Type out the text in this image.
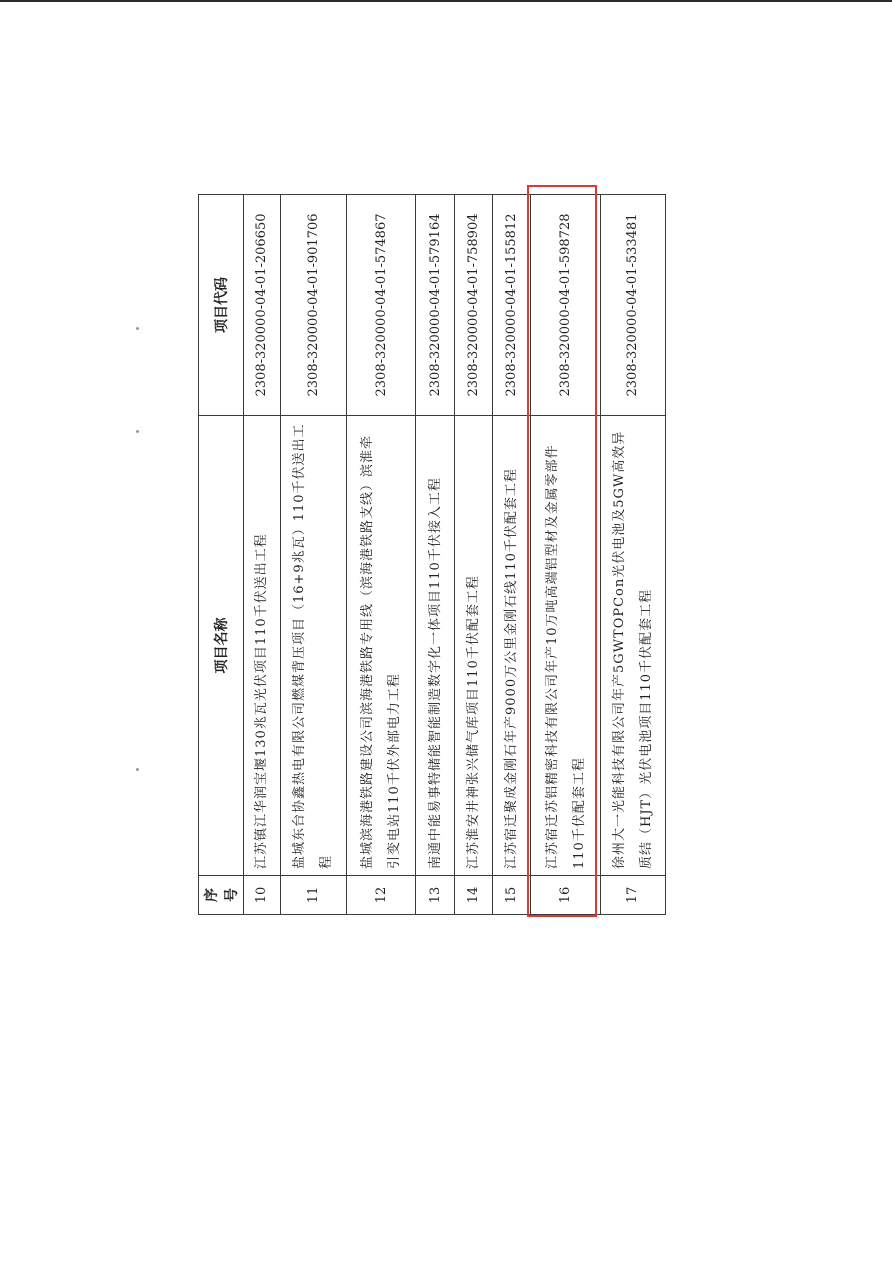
序号	项目名称	项目代码
10	江苏镇江华润宝堰130兆瓦光伏项目110千伏送出工程	2308-320000-04-01-206650
11	盐城东台协鑫热电有限公司燃煤背压项目（16+9兆瓦）110千伏送出工程	2308-320000-04-01-901706
12	盐城滨海港铁路建设公司滨海港铁路专用线（滨海港铁路支线）滨淮牵引变电站110千伏外部电力工程	2308-320000-04-01-574867
13	南通中能易事特储能智能制造数字化一体项目110千伏接入工程	2308-320000-04-01-579164
14	江苏淮安井神张兴储气库项目110千伏配套工程	2308-320000-04-01-758904
15	江苏宿迁聚成金刚石年产9000万公里金刚石线110千伏配套工程	2308-320000-04-01-155812
16	江苏宿迁苏铝精密科技有限公司年产10万吨高端铝型材及金属零部件110千伏配套工程	2308-320000-04-01-598728
17	徐州大一光能科技有限公司年产5GWTOPCon光伏电池及5GW高效异质结（HJT）光伏电池项目110千伏配套工程	2308-320000-04-01-533481
